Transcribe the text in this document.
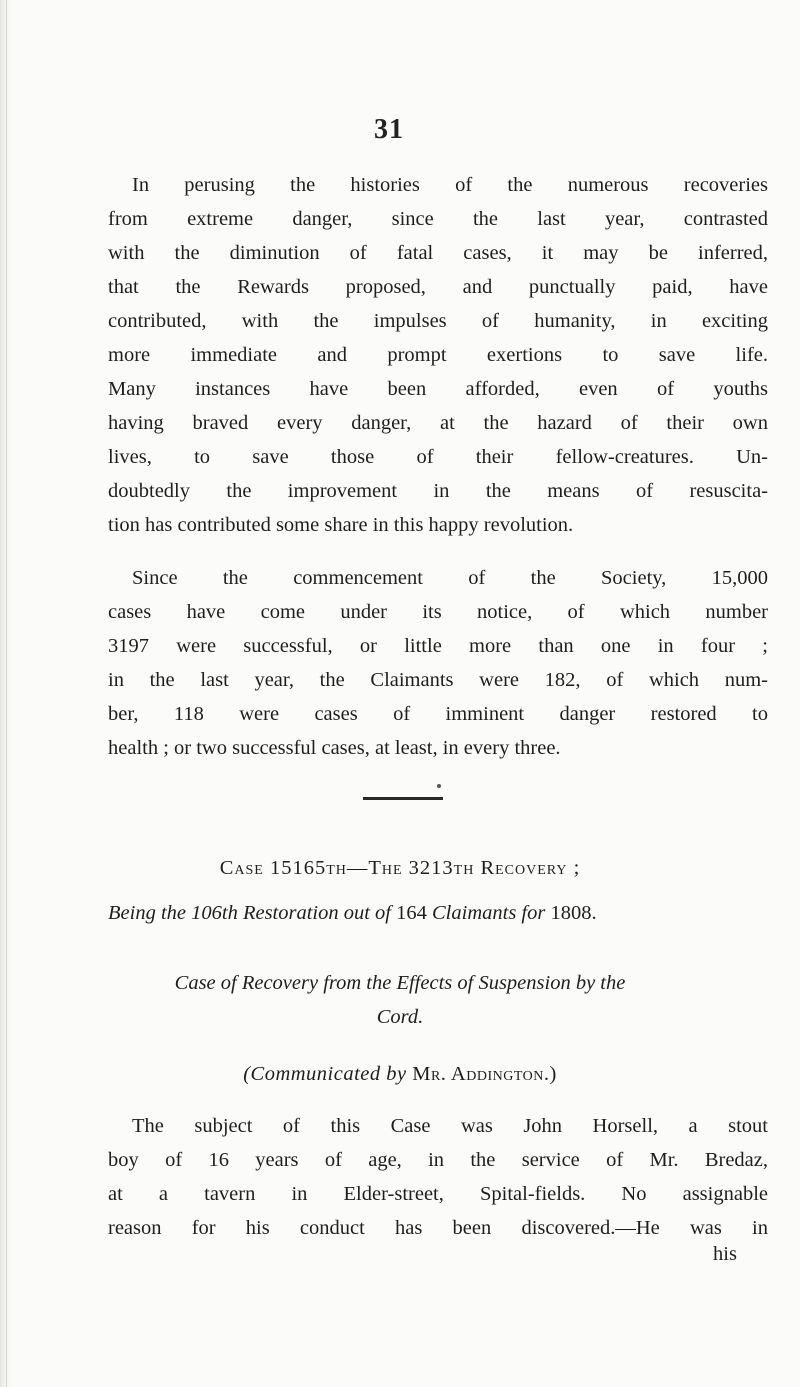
31
In perusing the histories of the numerous recoveries
from extreme danger, since the last year, contrasted
with the diminution of fatal cases, it may be inferred,
that the Rewards proposed, and punctually paid, have
contributed, with the impulses of humanity, in exciting
more immediate and prompt exertions to save life.
Many instances have been afforded, even of youths
having braved every danger, at the hazard of their own
lives, to save those of their fellow-creatures. Un-
doubtedly the improvement in the means of resuscita-
tion has contributed some share in this happy revolution.
Since the commencement of the Society, 15,000
cases have come under its notice, of which number
3197 were successful, or little more than one in four ;
in the last year, the Claimants were 182, of which num-
ber, 118 were cases of imminent danger restored to
health ; or two successful cases, at least, in every three.
Case 15165th—The 3213th Recovery ;
Being the 106th Restoration out of 164 Claimants for 1808.
Case of Recovery from the Effects of Suspension by the
Cord.
(Communicated by Mr. Addington.)
The subject of this Case was John Horsell, a stout
boy of 16 years of age, in the service of Mr. Bredaz,
at a tavern in Elder-street, Spital-fields. No assignable
reason for his conduct has been discovered.—He was in
his
